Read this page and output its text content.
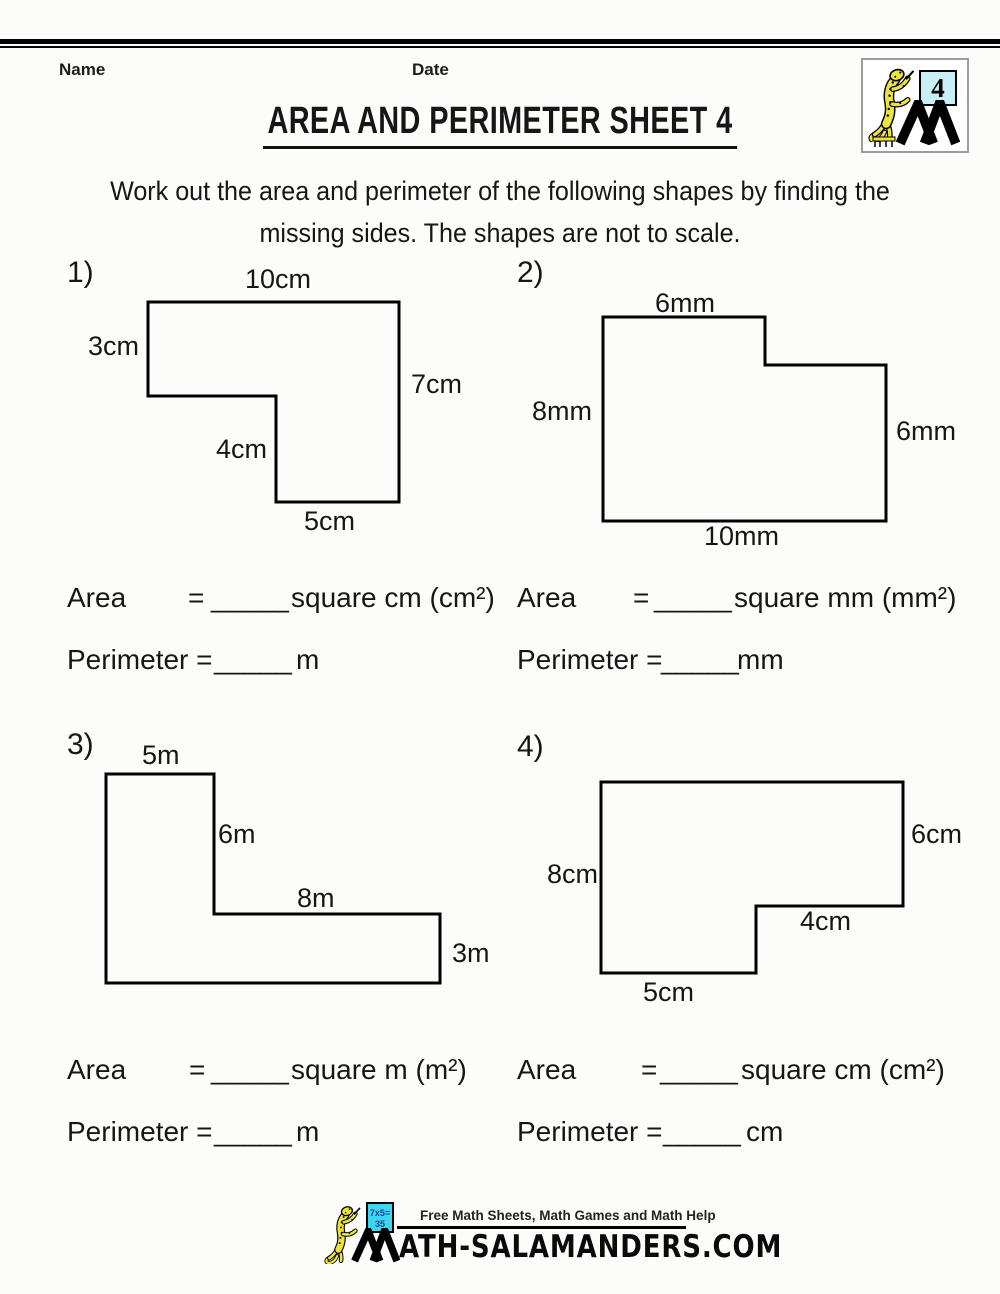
Name	Date
AREA AND PERIMETER SHEET 4
4
Work out the area and perimeter of the following shapes by finding the
missing sides. The shapes are not to scale.
1)	10cm
3cm
7cm
4cm
5cm
2)
6mm
8mm
6mm
10mm
Area = _____ square cm (cm²)
Perimeter = _____ m
Area = _____ square mm (mm²)
Perimeter =
_____
mm
3) 5m
6m
8m
3m
4)
8cm
6cm
4cm
5cm
Area = _____ square m (m²)
Perimeter = _____ m
Area = _____ square cm (cm²)
Perimeter = _____ cm
7x5=
35
Free Math Sheets, Math Games and Math Help
ATH-SALAMANDERS.COM
